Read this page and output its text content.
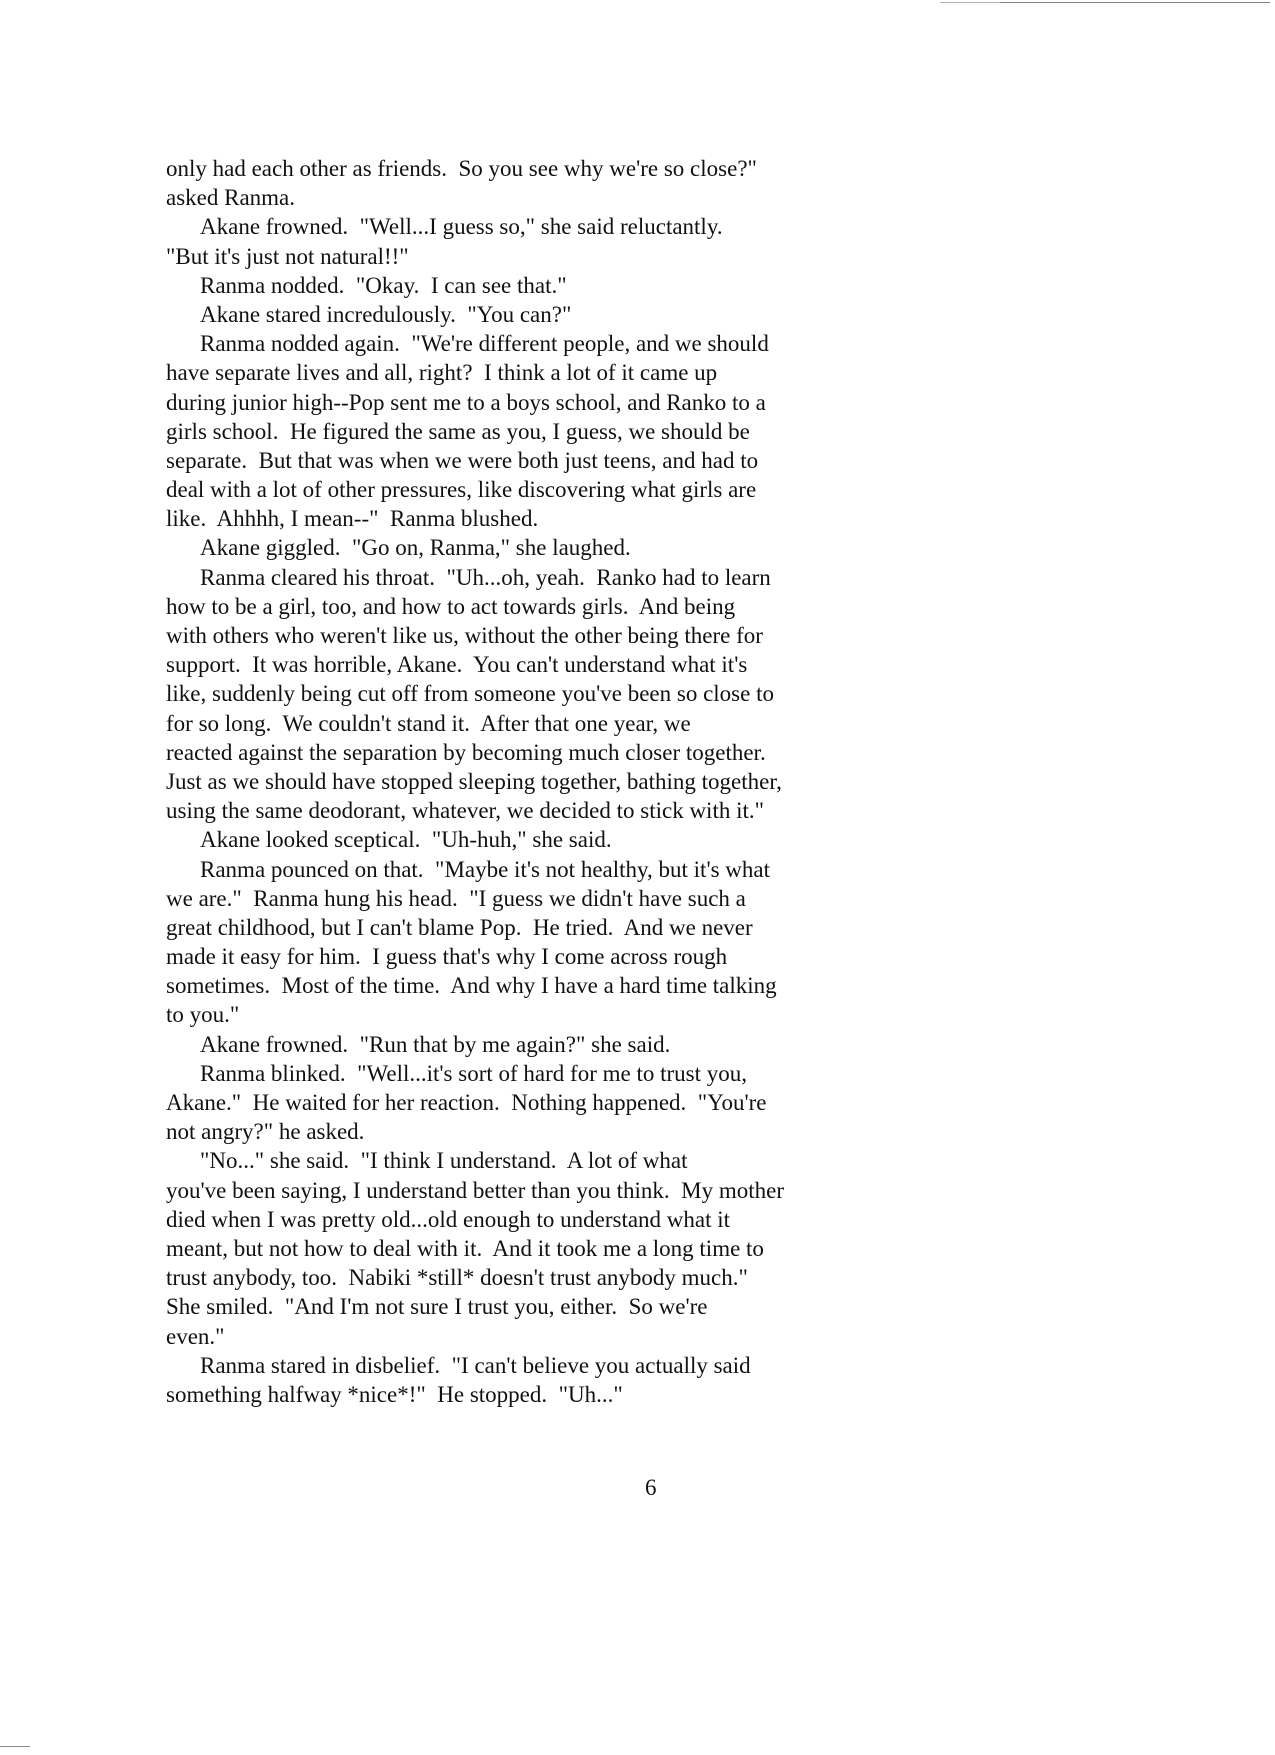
only had each other as friends.  So you see why we're so close?"
asked Ranma.
Akane frowned.  "Well...I guess so," she said reluctantly.
"But it's just not natural!!"
Ranma nodded.  "Okay.  I can see that."
Akane stared incredulously.  "You can?"
Ranma nodded again.  "We're different people, and we should
have separate lives and all, right?  I think a lot of it came up
during junior high--Pop sent me to a boys school, and Ranko to a
girls school.  He figured the same as you, I guess, we should be
separate.  But that was when we were both just teens, and had to
deal with a lot of other pressures, like discovering what girls are
like.  Ahhhh, I mean--"  Ranma blushed.
Akane giggled.  "Go on, Ranma," she laughed.
Ranma cleared his throat.  "Uh...oh, yeah.  Ranko had to learn
how to be a girl, too, and how to act towards girls.  And being
with others who weren't like us, without the other being there for
support.  It was horrible, Akane.  You can't understand what it's
like, suddenly being cut off from someone you've been so close to
for so long.  We couldn't stand it.  After that one year, we
reacted against the separation by becoming much closer together.
Just as we should have stopped sleeping together, bathing together,
using the same deodorant, whatever, we decided to stick with it."
Akane looked sceptical.  "Uh-huh," she said.
Ranma pounced on that.  "Maybe it's not healthy, but it's what
we are."  Ranma hung his head.  "I guess we didn't have such a
great childhood, but I can't blame Pop.  He tried.  And we never
made it easy for him.  I guess that's why I come across rough
sometimes.  Most of the time.  And why I have a hard time talking
to you."
Akane frowned.  "Run that by me again?" she said.
Ranma blinked.  "Well...it's sort of hard for me to trust you,
Akane."  He waited for her reaction.  Nothing happened.  "You're
not angry?" he asked.
"No..." she said.  "I think I understand.  A lot of what
you've been saying, I understand better than you think.  My mother
died when I was pretty old...old enough to understand what it
meant, but not how to deal with it.  And it took me a long time to
trust anybody, too.  Nabiki *still* doesn't trust anybody much."
She smiled.  "And I'm not sure I trust you, either.  So we're
even."
Ranma stared in disbelief.  "I can't believe you actually said
something halfway *nice*!"  He stopped.  "Uh..."
6
